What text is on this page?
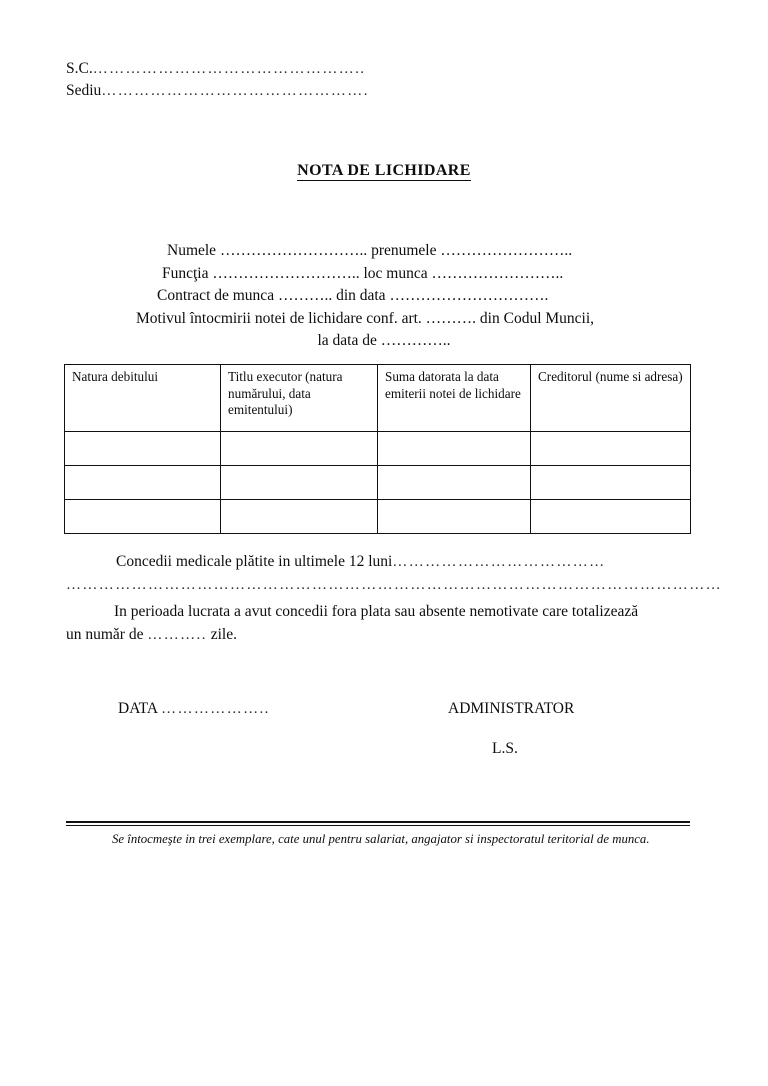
S.C.…………………………………………..
Sediu………………………………………….
NOTA DE LICHIDARE
Numele ……………………….. prenumele ……………………..
Funcţia ……………………….. loc munca ……………………..
Contract de munca ……….. din data ………………………….
Motivul întocmirii notei de lichidare conf. art. ………. din Codul Muncii,
la data de …………..
Natura debitului	Titlu executor (natura numărului, data emitentului)	Suma datorata la data emiterii notei de lichidare	Creditorul (nume si adresa)

Concedii medicale plătite in ultimele 12 luni…………………………………
…………………………………………………………………………………………………………
In perioada lucrata a avut concedii fora plata sau absente nemotivate care totalizează
un numǎr de ……….. zile.
DATA ………………..	ADMINISTRATOR
L.S.
Se întocmeşte in trei exemplare, cate unul pentru salariat, angajator si inspectoratul teritorial de munca.
